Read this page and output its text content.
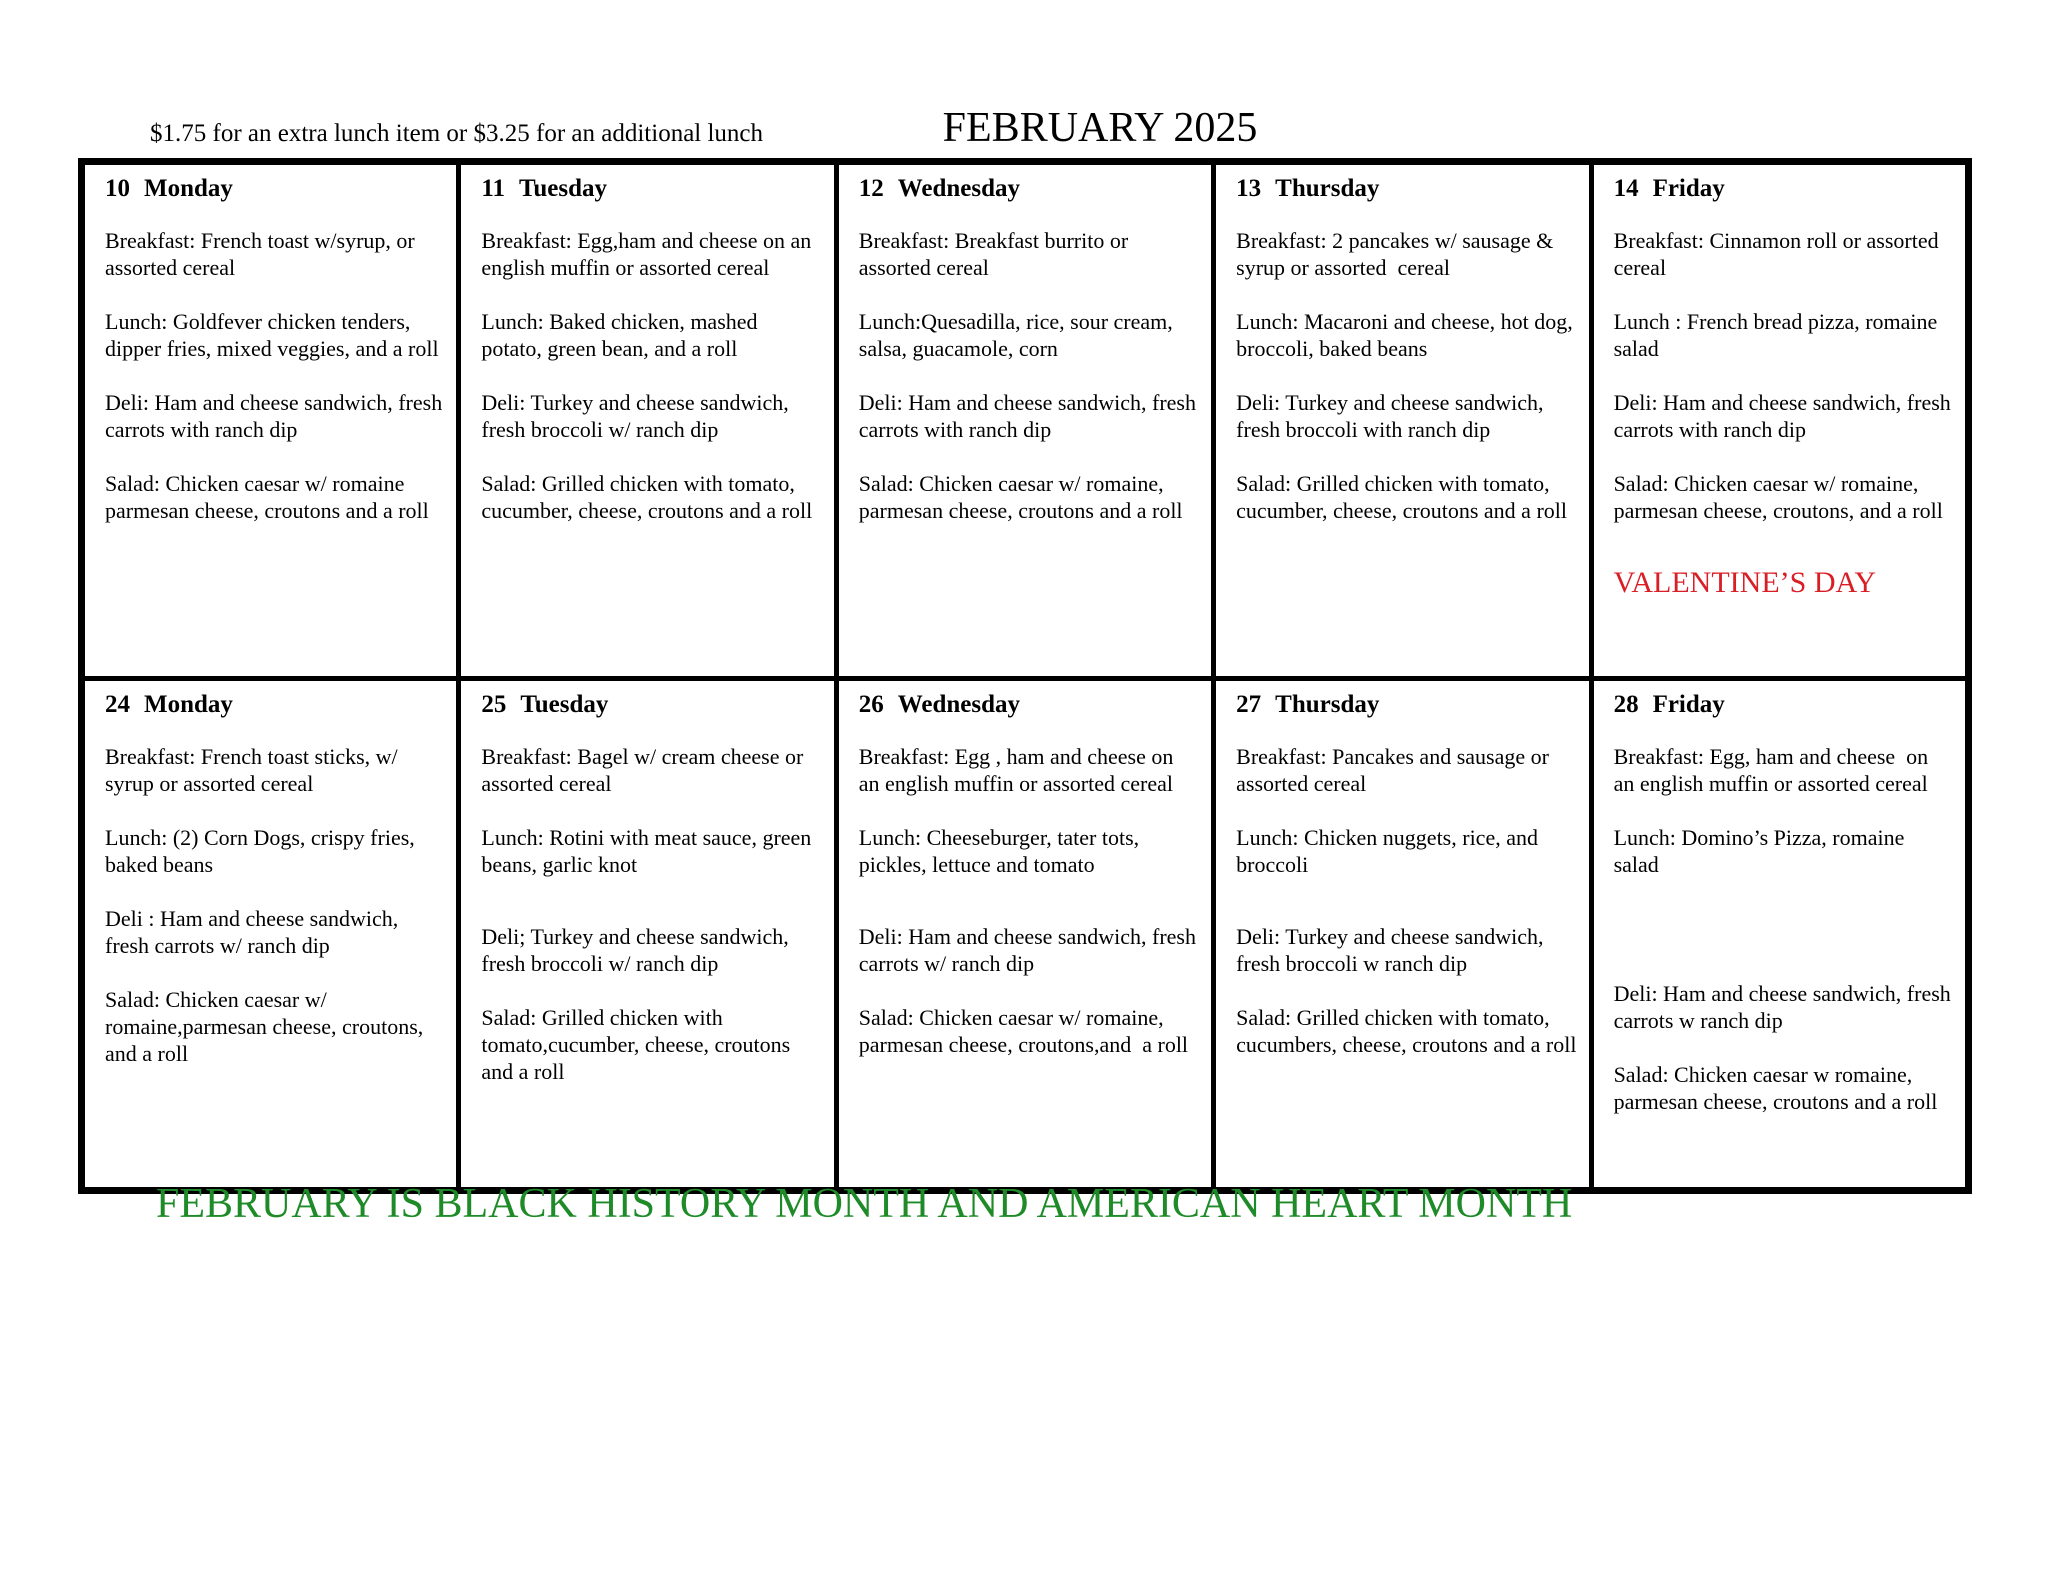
$1.75 for an extra lunch item or $3.25 for an additional lunch	FEBRUARY 2025
10 Monday

Breakfast: French toast w/syrup, or assorted cereal

Lunch: Goldfever chicken tenders, dipper fries, mixed veggies, and a roll

Deli: Ham and cheese sandwich, fresh carrots with ranch dip

Salad: Chicken caesar w/ romaine parmesan cheese, croutons and a roll

11 Tuesday

Breakfast: Egg,ham and cheese on an english muffin or assorted cereal

Lunch: Baked chicken, mashed potato, green bean, and a roll

Deli: Turkey and cheese sandwich, fresh broccoli w/ ranch dip

Salad: Grilled chicken with tomato, cucumber, cheese, croutons and a roll

12 Wednesday

Breakfast: Breakfast burrito or assorted cereal

Lunch:Quesadilla, rice, sour cream, salsa, guacamole, corn

Deli: Ham and cheese sandwich, fresh carrots with ranch dip

Salad: Chicken caesar w/ romaine, parmesan cheese, croutons and a roll

13 Thursday

Breakfast: 2 pancakes w/ sausage & syrup or assorted  cereal

Lunch: Macaroni and cheese, hot dog, broccoli, baked beans

Deli: Turkey and cheese sandwich, fresh broccoli with ranch dip

Salad: Grilled chicken with tomato, cucumber, cheese, croutons and a roll

14 Friday

Breakfast: Cinnamon roll or assorted cereal

Lunch : French bread pizza, romaine salad

Deli: Ham and cheese sandwich, fresh carrots with ranch dip

Salad: Chicken caesar w/ romaine, parmesan cheese, croutons, and a roll

VALENTINE’S DAY

24 Monday

Breakfast: French toast sticks, w/ syrup or assorted cereal

Lunch: (2) Corn Dogs, crispy fries, baked beans

Deli : Ham and cheese sandwich, fresh carrots w/ ranch dip

Salad: Chicken caesar w/ romaine,parmesan cheese, croutons, and a roll

25 Tuesday

Breakfast: Bagel w/ cream cheese or assorted cereal

Lunch: Rotini with meat sauce, green beans, garlic knot

Deli; Turkey and cheese sandwich, fresh broccoli w/ ranch dip

Salad: Grilled chicken with tomato,cucumber, cheese, croutons and a roll

26 Wednesday

Breakfast: Egg , ham and cheese on an english muffin or assorted cereal

Lunch: Cheeseburger, tater tots, pickles, lettuce and tomato

Deli: Ham and cheese sandwich, fresh carrots w/ ranch dip

Salad: Chicken caesar w/ romaine, parmesan cheese, croutons,and  a roll

27 Thursday

Breakfast: Pancakes and sausage or assorted cereal

Lunch: Chicken nuggets, rice, and broccoli

Deli: Turkey and cheese sandwich, fresh broccoli w ranch dip

Salad: Grilled chicken with tomato, cucumbers, cheese, croutons and a roll

28 Friday

Breakfast: Egg, ham and cheese  on an english muffin or assorted cereal

Lunch: Domino’s Pizza, romaine salad

Deli: Ham and cheese sandwich, fresh carrots w ranch dip

Salad: Chicken caesar w romaine, parmesan cheese, croutons and a roll

FEBRUARY IS BLACK HISTORY MONTH AND AMERICAN HEART MONTH
